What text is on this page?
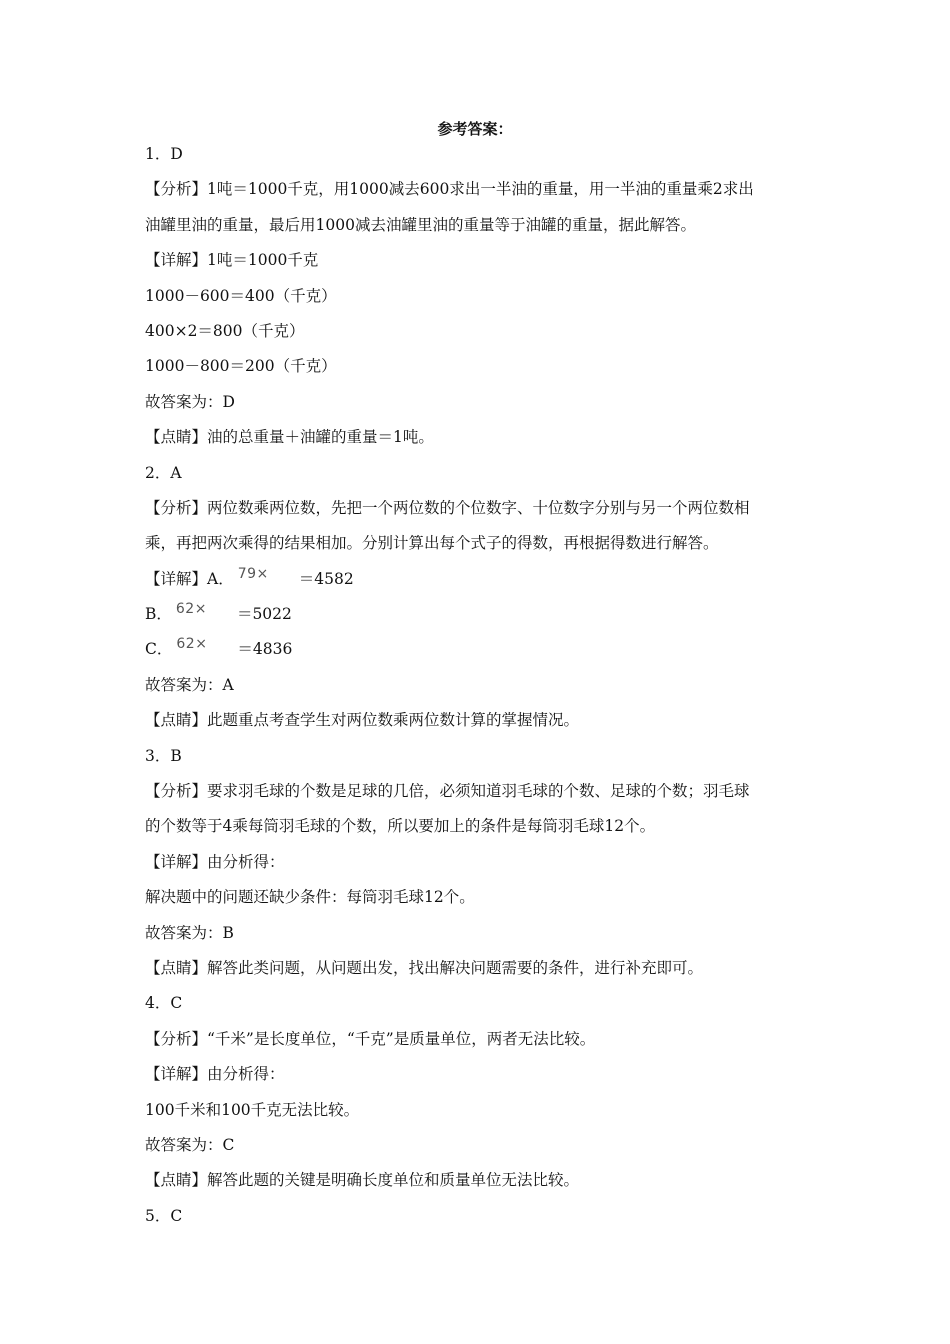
参考答案：
1．D
【分析】1吨＝1000千克，用1000减去600求出一半油的重量，用一半油的重量乘2求出
油罐里油的重量，最后用1000减去油罐里油的重量等于油罐的重量，据此解答。
【详解】1吨＝1000千克
1000－600＝400（千克）
400×2＝800（千克）
1000－800＝200（千克）
故答案为：D
【点睛】油的总重量＋油罐的重量＝1吨。
2．A
【分析】两位数乘两位数，先把一个两位数的个位数字、十位数字分别与另一个两位数相
乘，再把两次乘得的结果相加。分别计算出每个式子的得数，再根据得数进行解答。
【详解】A． 79× ＝4582
B． 62× ＝5022
C． 62× ＝4836
故答案为：A
【点睛】此题重点考查学生对两位数乘两位数计算的掌握情况。
3．B
【分析】要求羽毛球的个数是足球的几倍，必须知道羽毛球的个数、足球的个数；羽毛球
的个数等于4乘每筒羽毛球的个数，所以要加上的条件是每筒羽毛球12个。
【详解】由分析得：
解决题中的问题还缺少条件：每筒羽毛球12个。
故答案为：B
【点睛】解答此类问题，从问题出发，找出解决问题需要的条件，进行补充即可。
4．C
【分析】“千米”是长度单位，“千克”是质量单位，两者无法比较。
【详解】由分析得：
100千米和100千克无法比较。
故答案为：C
【点睛】解答此题的关键是明确长度单位和质量单位无法比较。
5．C
